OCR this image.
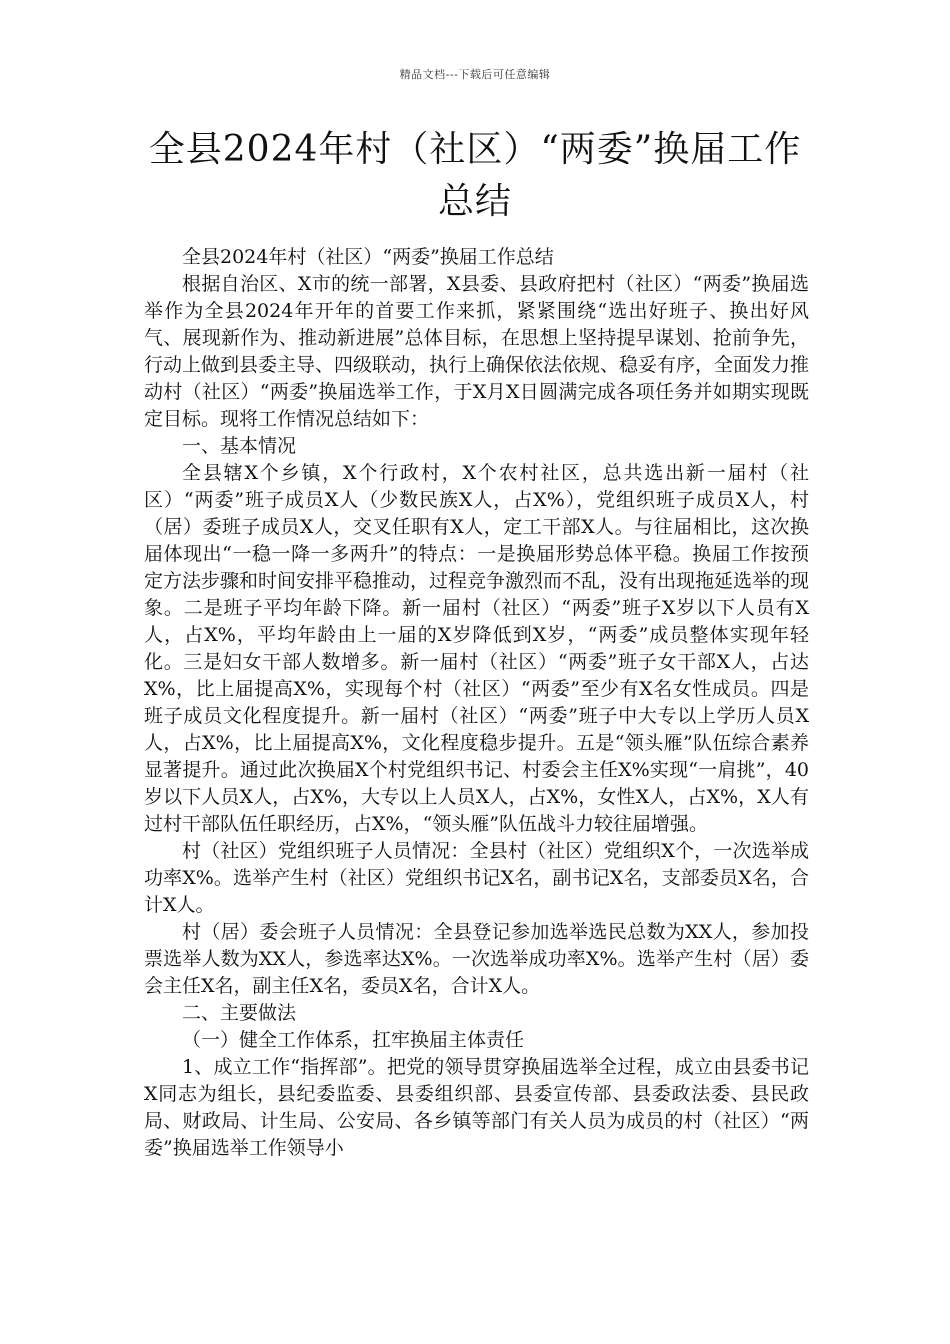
精品文档---下载后可任意编辑
全县2024年村（社区）“两委”换届工作
总结

全县2024年村（社区）“两委”换届工作总结

根据自治区、X市的统一部署，X县委、县政府把村（社区）“两委”换届选举作为全县2024年开年的首要工作来抓，紧紧围绕“选出好班子、换出好风气、展现新作为、推动新进展”总体目标，在思想上坚持提早谋划、抢前争先，行动上做到县委主导、四级联动，执行上确保依法依规、稳妥有序，全面发力推动村（社区）“两委”换届选举工作，于X月X日圆满完成各项任务并如期实现既定目标。现将工作情况总结如下：

一、基本情况

全县辖X个乡镇，X个行政村，X个农村社区，总共选出新一届村（社区）“两委”班子成员X人（少数民族X人，占X%），党组织班子成员X人，村（居）委班子成员X人，交叉任职有X人，定工干部X人。与往届相比，这次换届体现出“一稳一降一多两升”的特点：一是换届形势总体平稳。换届工作按预定方法步骤和时间安排平稳推动，过程竞争激烈而不乱，没有出现拖延选举的现象。二是班子平均年龄下降。新一届村（社区）“两委”班子X岁以下人员有X人，占X%，平均年龄由上一届的X岁降低到X岁，“两委”成员整体实现年轻化。三是妇女干部人数增多。新一届村（社区）“两委”班子女干部X人，占达X%，比上届提高X%，实现每个村（社区）“两委”至少有X名女性成员。四是班子成员文化程度提升。新一届村（社区）“两委”班子中大专以上学历人员X人，占X%，比上届提高X%，文化程度稳步提升。五是“领头雁”队伍综合素养显著提升。通过此次换届X个村党组织书记、村委会主任X%实现“一肩挑”，40岁以下人员X人，占X%，大专以上人员X人，占X%，女性X人，占X%，X人有过村干部队伍任职经历，占X%，“领头雁”队伍战斗力较往届增强。

村（社区）党组织班子人员情况：全县村（社区）党组织X个，一次选举成功率X%。选举产生村（社区）党组织书记X名，副书记X名，支部委员X名，合计X人。

村（居）委会班子人员情况：全县登记参加选举选民总数为XX人，参加投票选举人数为XX人，参选率达X%。一次选举成功率X%。选举产生村（居）委会主任X名，副主任X名，委员X名，合计X人。

二、主要做法

（一）健全工作体系，扛牢换届主体责任

1、成立工作“指挥部”。把党的领导贯穿换届选举全过程，成立由县委书记X同志为组长，县纪委监委、县委组织部、县委宣传部、县委政法委、县民政局、财政局、计生局、公安局、各乡镇等部门有关人员为成员的村（社区）“两委”换届选举工作领导小
